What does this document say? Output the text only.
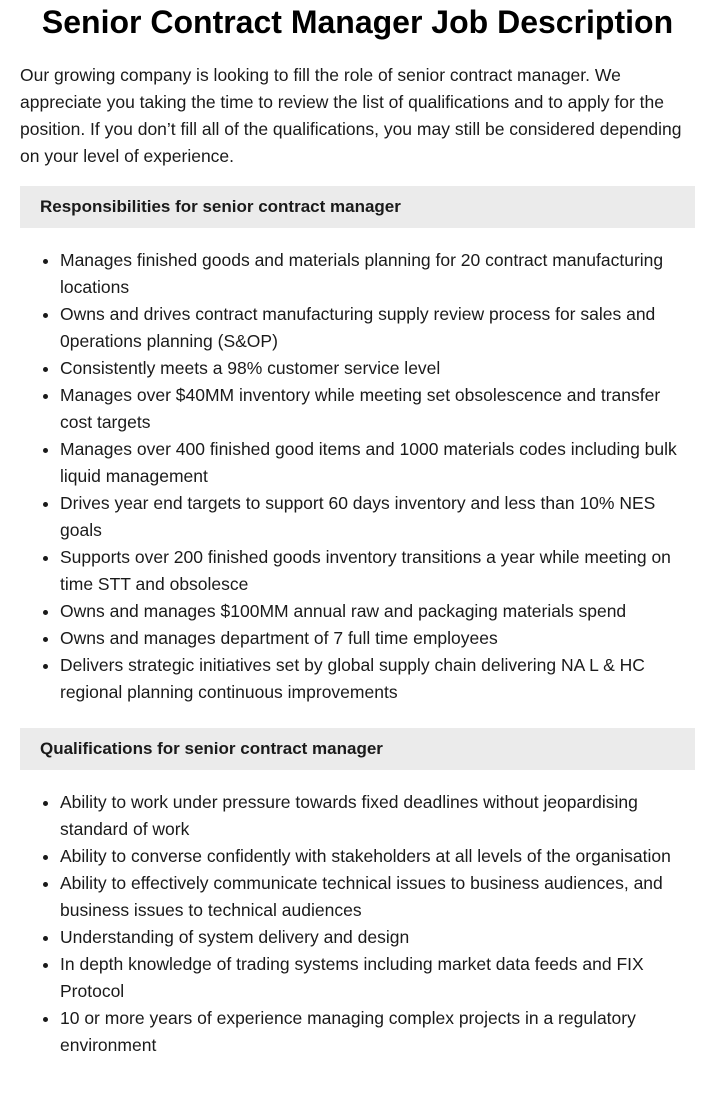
Senior Contract Manager Job Description

Our growing company is looking to fill the role of senior contract manager. We appreciate you taking the time to review the list of qualifications and to apply for the position. If you don’t fill all of the qualifications, you may still be considered depending on your level of experience.

Responsibilities for senior contract manager
• Manages finished goods and materials planning for 20 contract manufacturing locations
• Owns and drives contract manufacturing supply review process for sales and 0perations planning (S&OP)
• Consistently meets a 98% customer service level
• Manages over $40MM inventory while meeting set obsolescence and transfer cost targets
• Manages over 400 finished good items and 1000 materials codes including bulk liquid management
• Drives year end targets to support 60 days inventory and less than 10% NES goals
• Supports over 200 finished goods inventory transitions a year while meeting on time STT and obsolesce
• Owns and manages $100MM annual raw and packaging materials spend
• Owns and manages department of 7 full time employees
• Delivers strategic initiatives set by global supply chain delivering NA L & HC regional planning continuous improvements
Qualifications for senior contract manager
• Ability to work under pressure towards fixed deadlines without jeopardising standard of work
• Ability to converse confidently with stakeholders at all levels of the organisation
• Ability to effectively communicate technical issues to business audiences, and business issues to technical audiences
• Understanding of system delivery and design
• In depth knowledge of trading systems including market data feeds and FIX Protocol
• 10 or more years of experience managing complex projects in a regulatory environment
